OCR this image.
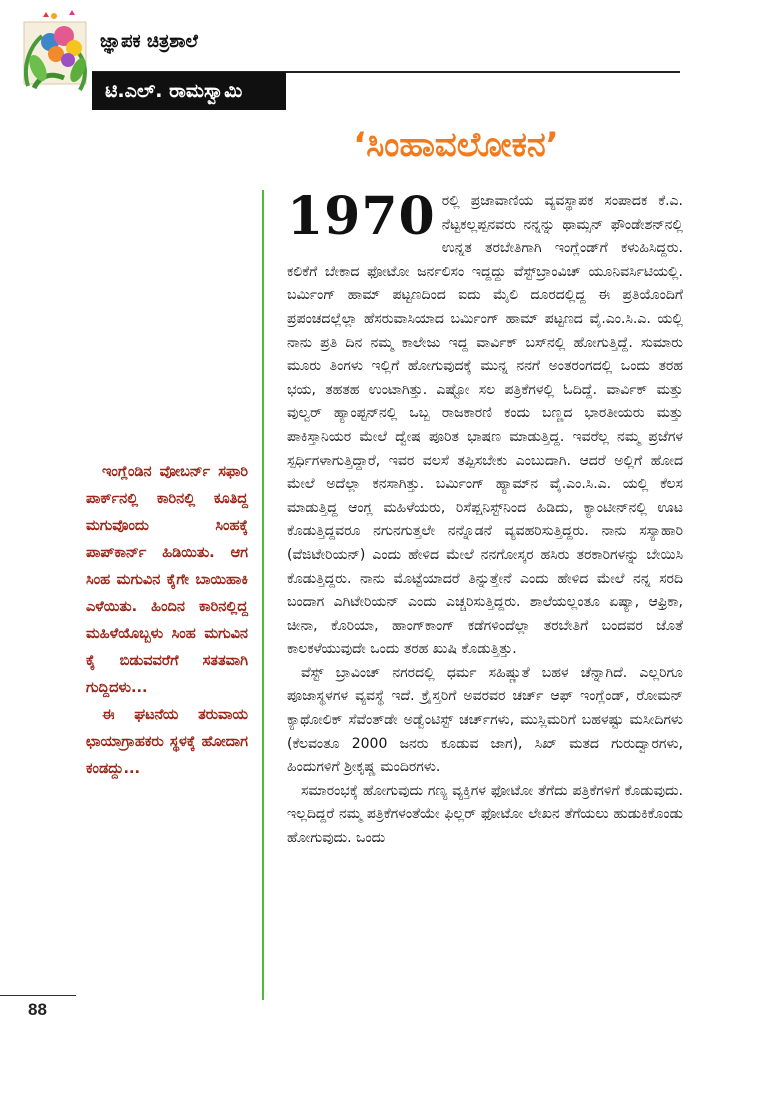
ಜ್ಞಾಪಕ ಚಿತ್ರಶಾಲೆ
ಟಿ.ಎಲ್. ರಾಮಸ್ವಾಮಿ
‘ಸಿಂಹಾವಲೋಕನ’

1970 ರಲ್ಲಿ ಪ್ರಜಾವಾಣಿಯ ವ್ಯವಸ್ಥಾಪಕ ಸಂಪಾದಕ ಕೆ.ಎ. ನೆಟ್ಟಕಲ್ಲಪ್ಪನವರು ನನ್ನನ್ನು ಥಾಮ್ಸನ್ ಫೌಂಡೇಶನ್‌ನಲ್ಲಿ ಉನ್ನತ ತರಬೇತಿಗಾಗಿ ಇಂಗ್ಲೆಂಡ್‌ಗೆ ಕಳುಹಿಸಿದ್ದರು. ಕಲಿಕೆಗೆ ಬೇಕಾದ ಫೋಟೋ ಜರ್ನಲಿಸಂ ಇದ್ದದ್ದು ವೆಸ್ಟ್‌ಬ್ರಾಂವಿಚ್ ಯೂನಿವರ್ಸಿಟಿಯಲ್ಲಿ. ಬರ್ಮಿಂಗ್ ಹಾಮ್ ಪಟ್ಟಣದಿಂದ ಐದು ಮೈಲಿ ದೂರದಲ್ಲಿದ್ದ ಈ ಪ್ರತಿಯೊಂದಿಗೆ ಪ್ರಪಂಚದಲ್ಲೆಲ್ಲಾ ಹೆಸರುವಾಸಿಯಾದ ಬರ್ಮಿಂಗ್ ಹಾಮ್ ಪಟ್ಟಣದ ವೈ.ಎಂ.ಸಿ.ಎ. ಯಲ್ಲಿ ನಾನು ಪ್ರತಿ ದಿನ ನಮ್ಮ ಕಾಲೇಜು ಇದ್ದ ವಾರ್ವಿಕ್ ಬಸ್‌ನಲ್ಲಿ ಹೋಗುತ್ತಿದ್ದೆ. ಸುಮಾರು ಮೂರು ತಿಂಗಳು ಇಲ್ಲಿಗೆ ಹೋಗುವುದಕ್ಕೆ ಮುನ್ನ ನನಗೆ ಅಂತರಂಗದಲ್ಲಿ ಒಂದು ತರಹ ಭಯ, ತಹತಹ ಉಂಟಾಗಿತ್ತು. ಎಷ್ಟೋ ಸಲ ಪತ್ರಿಕೆಗಳಲ್ಲಿ ಓದಿದ್ದೆ. ವಾರ್ವಿಕ್ ಮತ್ತು ವುಲ್ವರ್ ಹ್ಯಾಂಪ್ಟನ್‌ನಲ್ಲಿ ಒಬ್ಬ ರಾಜಕಾರಣಿ ಕಂದು ಬಣ್ಣದ ಭಾರತೀಯರು ಮತ್ತು ಪಾಕಿಸ್ತಾನಿಯರ ಮೇಲೆ ದ್ವೇಷ ಪೂರಿತ ಭಾಷಣ ಮಾಡುತ್ತಿದ್ದ. ಇವರೆಲ್ಲ ನಮ್ಮ ಪ್ರಜೆಗಳ ಸ್ಪರ್ಧಿಗಳಾಗುತ್ತಿದ್ದಾರೆ, ಇವರ ವಲಸೆ ತಪ್ಪಿಸಬೇಕು ಎಂಬುದಾಗಿ. ಆದರೆ ಅಲ್ಲಿಗೆ ಹೋದ ಮೇಲೆ ಅದೆಲ್ಲಾ ಕನಸಾಗಿತ್ತು. ಬರ್ಮಿಂಗ್ ಹ್ಯಾಮ್‌ನ ವೈ.ಎಂ.ಸಿ.ಎ. ಯಲ್ಲಿ ಕೆಲಸ ಮಾಡುತ್ತಿದ್ದ ಆಂಗ್ಲ ಮಹಿಳೆಯರು, ರಿಸೆಪ್ಷನಿಸ್ಟ್‌ನಿಂದ ಹಿಡಿದು, ಕ್ಯಾಂಟೀನ್‌ನಲ್ಲಿ ಊಟ ಕೊಡುತ್ತಿದ್ದವರೂ ನಗುನಗುತ್ತಲೇ ನನ್ನೊಡನೆ ವ್ಯವಹರಿಸುತ್ತಿದ್ದರು. ನಾನು ಸಸ್ಯಾಹಾರಿ (ವೆಜಿಟೇರಿಯನ್) ಎಂದು ಹೇಳಿದ ಮೇಲೆ ನನಗೋಸ್ಕರ ಹಸಿರು ತರಕಾರಿಗಳನ್ನು ಬೇಯಿಸಿ ಕೊಡುತ್ತಿದ್ದರು. ನಾನು ಮೊಟ್ಟೆಯಾದರೆ ತಿನ್ನುತ್ತೇನೆ ಎಂದು ಹೇಳಿದ ಮೇಲೆ ನನ್ನ ಸರದಿ ಬಂದಾಗ ಎಗಿಟೇರಿಯನ್ ಎಂದು ಎಚ್ಚರಿಸುತ್ತಿದ್ದರು. ಶಾಲೆಯಲ್ಲಂತೂ ಏಷ್ಯಾ, ಆಫ್ರಿಕಾ, ಚೀನಾ, ಕೊರಿಯಾ, ಹಾಂಗ್‌ಕಾಂಗ್ ಕಡೆಗಳಿಂದೆಲ್ಲಾ ತರಬೇತಿಗೆ ಬಂದವರ ಜೊತೆ ಕಾಲಕಳೆಯುವುದೇ ಒಂದು ತರಹ ಖುಷಿ ಕೊಡುತ್ತಿತ್ತು.

ವೆಸ್ಟ್ ಬ್ರಾವಿಂಚ್ ನಗರದಲ್ಲಿ ಧರ್ಮ ಸಹಿಷ್ಣುತೆ ಬಹಳ ಚೆನ್ನಾಗಿದೆ. ಎಲ್ಲರಿಗೂ ಪೂಜಾಸ್ಥಳಗಳ ವ್ಯವಸ್ಥೆ ಇದೆ. ಕ್ರೈಸ್ತರಿಗೆ ಅವರವರ ಚರ್ಚ್ ಆಫ್ ಇಂಗ್ಲೆಂಡ್, ರೋಮನ್ ಕ್ಯಾಥೋಲಿಕ್ ಸೆವೆಂತ್‌ಡೇ ಅಡ್ವೆಂಟಿಸ್ಟ್ ಚರ್ಚ್‌ಗಳು, ಮುಸ್ಲಿಮರಿಗೆ ಬಹಳಷ್ಟು ಮಸೀದಿಗಳು (ಕೆಲವಂತೂ 2000 ಜನರು ಕೂಡುವ ಜಾಗ), ಸಿಖ್ ಮತದ ಗುರುದ್ವಾರಗಳು, ಹಿಂದುಗಳಿಗೆ ಶ್ರೀಕೃಷ್ಣ ಮಂದಿರಗಳು.

ಸಮಾರಂಭಕ್ಕೆ ಹೋಗುವುದು ಗಣ್ಯ ವ್ಯಕ್ತಿಗಳ ಫೋಟೋ ತೆಗೆದು ಪತ್ರಿಕೆಗಳಿಗೆ ಕೊಡುವುದು. ಇಲ್ಲದಿದ್ದರೆ ನಮ್ಮ ಪತ್ರಿಕೆಗಳಂತೆಯೇ ಫಿಲ್ಲರ್ ಫೋಟೋ ಲೇಖನ ತೆಗೆಯಲು ಹುಡುಕಿಕೊಂಡು ಹೋಗುವುದು. ಒಂದು

ಇಂಗ್ಲೆಂಡಿನ ವೋಬರ್ನ್ ಸಫಾರಿ ಪಾರ್ಕ್‌ನಲ್ಲಿ ಕಾರಿನಲ್ಲಿ ಕೂತಿದ್ದ ಮಗುವೊಂದು ಸಿಂಹಕ್ಕೆ ಪಾಪ್‌ಕಾರ್ನ್ ಹಿಡಿಯಿತು. ಆಗ ಸಿಂಹ ಮಗುವಿನ ಕೈಗೇ ಬಾಯಿಹಾಕಿ ಎಳೆಯಿತು. ಹಿಂದಿನ ಕಾರಿನಲ್ಲಿದ್ದ ಮಹಿಳೆಯೊಬ್ಬಳು ಸಿಂಹ ಮಗುವಿನ ಕೈ ಬಿಡುವವರೆಗೆ ಸತತವಾಗಿ ಗುದ್ದಿದಳು...

ಈ ಘಟನೆಯ ತರುವಾಯ ಛಾಯಾಗ್ರಾಹಕರು ಸ್ಥಳಕ್ಕೆ ಹೋದಾಗ ಕಂಡದ್ದು...

88
